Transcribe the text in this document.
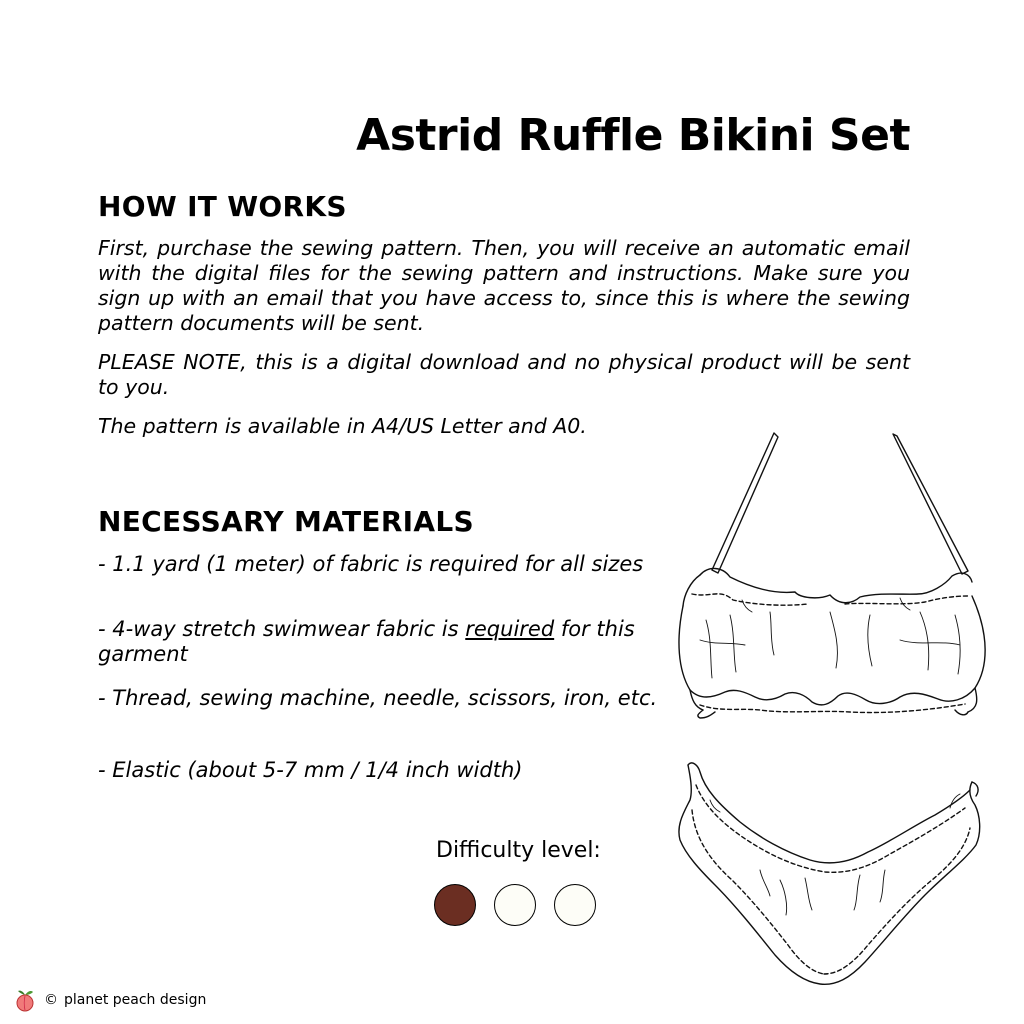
Astrid Ruffle Bikini Set
HOW IT WORKS
First, purchase the sewing pattern. Then, you will receive an automatic email with the digital files for the sewing pattern and instructions. Make sure you sign up with an email that you have access to, since this is where the sewing pattern documents will be sent.
PLEASE NOTE, this is a digital download and no physical product will be sent to you.
The pattern is available in A4/US Letter and A0.
NECESSARY MATERIALS
- 1.1 yard (1 meter) of fabric is required for all sizes
- 4-way stretch swimwear fabric is required for this garment
- Thread, sewing machine, needle, scissors, iron, etc.
- Elastic (about 5-7 mm / 1/4 inch width)
Difficulty level:
© planet peach design
